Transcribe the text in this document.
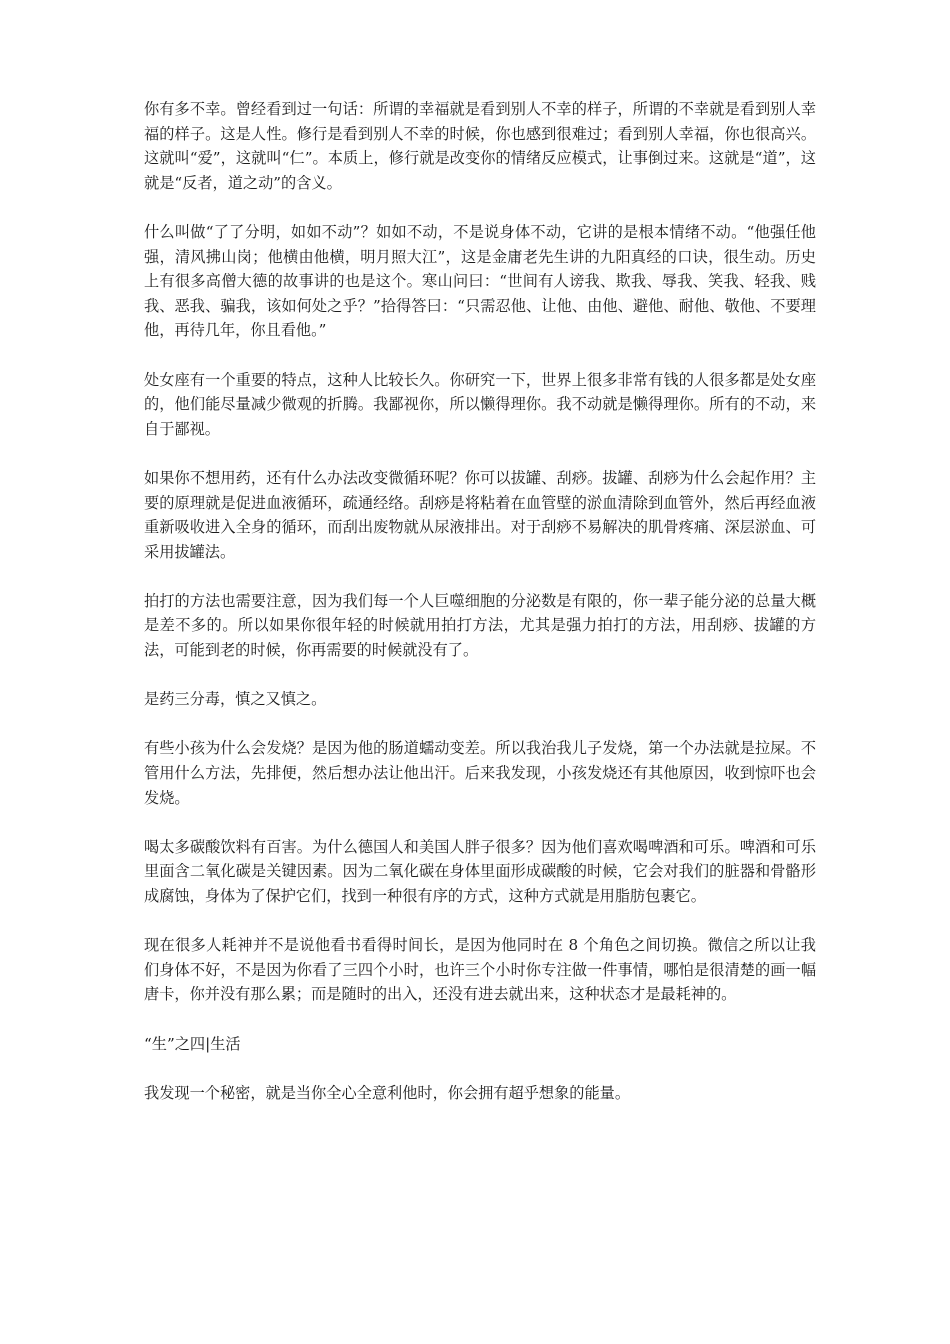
你有多不幸。曾经看到过一句话：所谓的幸福就是看到别人不幸的样子，所谓的不幸就是看到别人幸福的样子。这是人性。修行是看到别人不幸的时候，你也感到很难过；看到别人幸福，你也很高兴。这就叫“爱”，这就叫“仁”。本质上，修行就是改变你的情绪反应模式，让事倒过来。这就是“道”，这就是“反者，道之动”的含义。

什么叫做“了了分明，如如不动”？如如不动，不是说身体不动，它讲的是根本情绪不动。“他强任他强，清风拂山岗；他横由他横，明月照大江”，这是金庸老先生讲的九阳真经的口诀，很生动。历史上有很多高僧大德的故事讲的也是这个。寒山问曰：“世间有人谤我、欺我、辱我、笑我、轻我、贱我、恶我、骗我，该如何处之乎？”拾得答曰：“只需忍他、让他、由他、避他、耐他、敬他、不要理他，再待几年，你且看他。”

处女座有一个重要的特点，这种人比较长久。你研究一下，世界上很多非常有钱的人很多都是处女座的，他们能尽量减少微观的折腾。我鄙视你，所以懒得理你。我不动就是懒得理你。所有的不动，来自于鄙视。

如果你不想用药，还有什么办法改变微循环呢？你可以拔罐、刮痧。拔罐、刮痧为什么会起作用？主要的原理就是促进血液循环，疏通经络。刮痧是将粘着在血管壁的淤血清除到血管外，然后再经血液重新吸收进入全身的循环，而刮出废物就从尿液排出。对于刮痧不易解决的肌骨疼痛、深层淤血、可采用拔罐法。

拍打的方法也需要注意，因为我们每一个人巨噬细胞的分泌数是有限的，你一辈子能分泌的总量大概是差不多的。所以如果你很年轻的时候就用拍打方法，尤其是强力拍打的方法，用刮痧、拔罐的方法，可能到老的时候，你再需要的时候就没有了。

是药三分毒，慎之又慎之。

有些小孩为什么会发烧？是因为他的肠道蠕动变差。所以我治我儿子发烧，第一个办法就是拉屎。不管用什么方法，先排便，然后想办法让他出汗。后来我发现，小孩发烧还有其他原因，收到惊吓也会发烧。

喝太多碳酸饮料有百害。为什么德国人和美国人胖子很多？因为他们喜欢喝啤酒和可乐。啤酒和可乐里面含二氧化碳是关键因素。因为二氧化碳在身体里面形成碳酸的时候，它会对我们的脏器和骨骼形成腐蚀，身体为了保护它们，找到一种很有序的方式，这种方式就是用脂肪包裹它。

现在很多人耗神并不是说他看书看得时间长，是因为他同时在 8 个角色之间切换。微信之所以让我们身体不好，不是因为你看了三四个小时，也许三个小时你专注做一件事情，哪怕是很清楚的画一幅唐卡，你并没有那么累；而是随时的出入，还没有进去就出来，这种状态才是最耗神的。

“生”之四|生活

我发现一个秘密，就是当你全心全意利他时，你会拥有超乎想象的能量。
